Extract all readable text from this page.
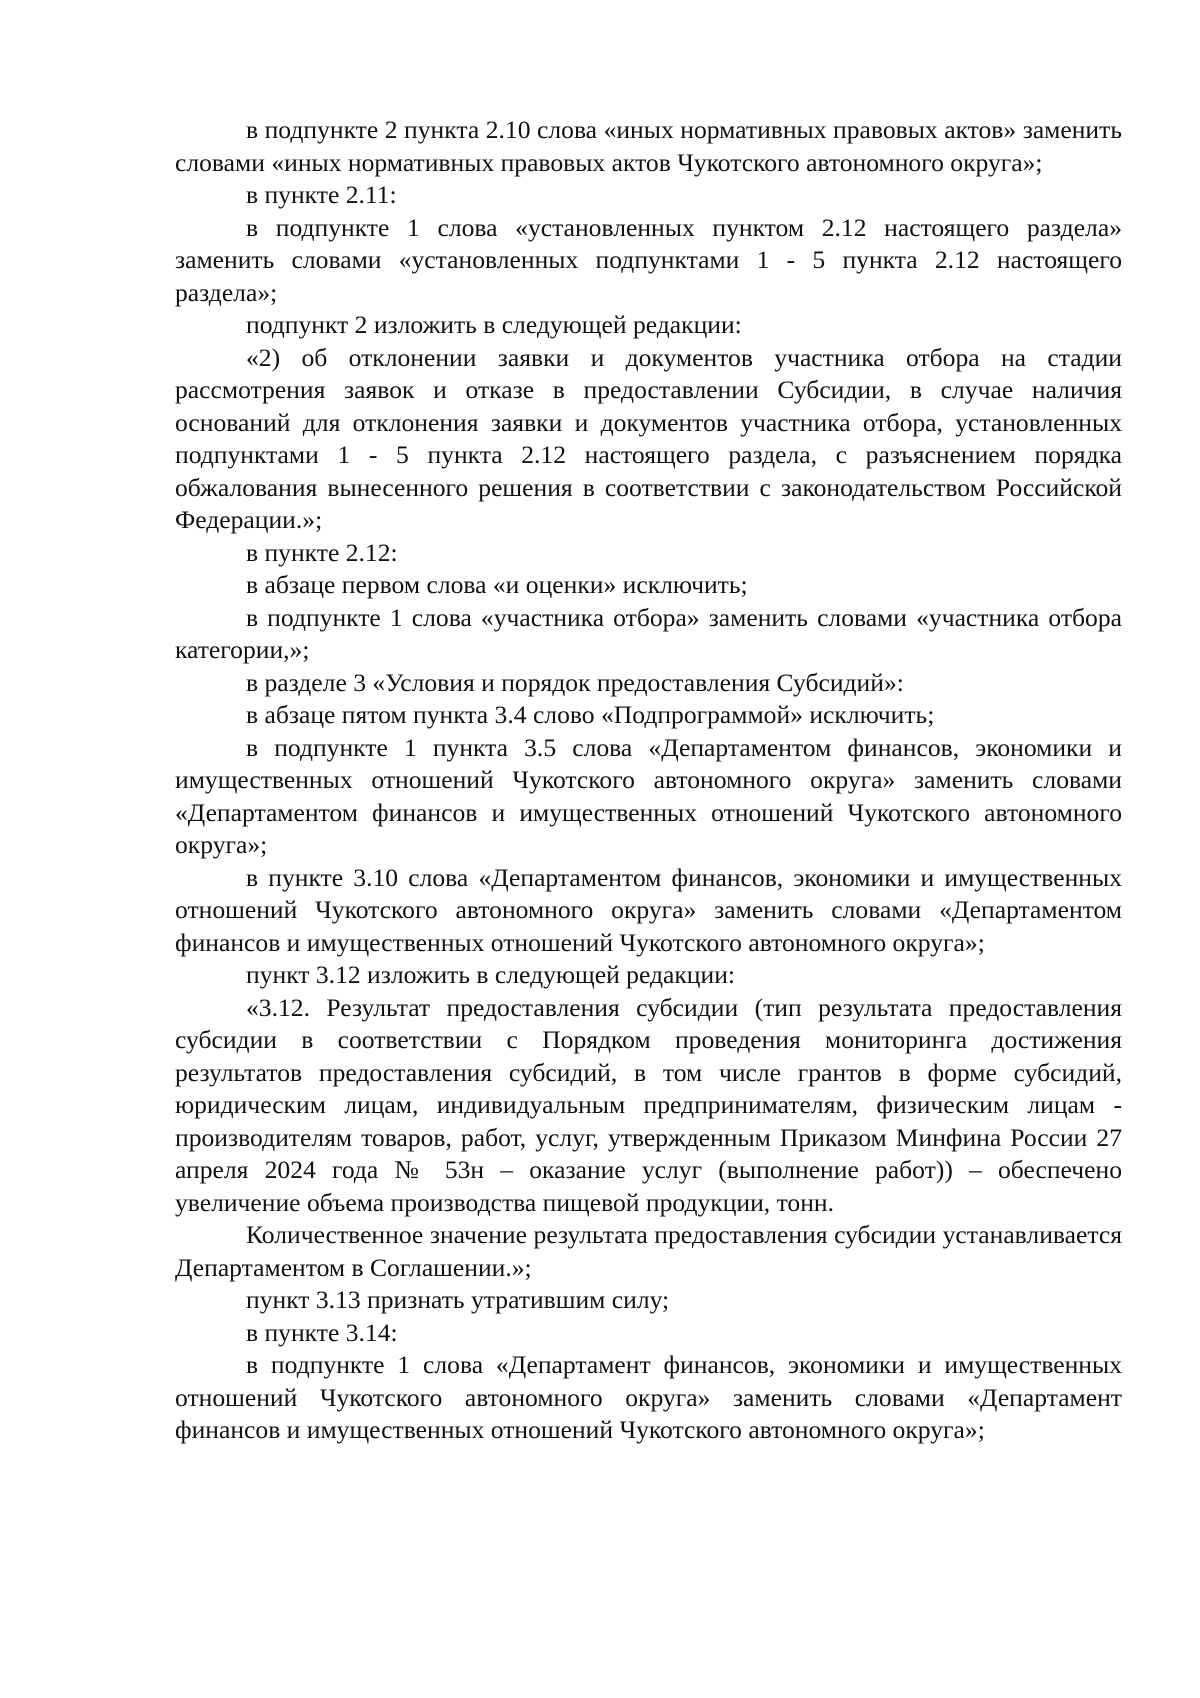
в подпункте 2 пункта 2.10 слова «иных нормативных правовых актов» заменить словами «иных нормативных правовых актов Чукотского автономного округа»;

в пункте 2.11:

в подпункте 1 слова «установленных пунктом 2.12 настоящего раздела» заменить словами «установленных подпунктами 1 - 5 пункта 2.12 настоящего раздела»;

подпункт 2 изложить в следующей редакции:

«2) об отклонении заявки и документов участника отбора на стадии рассмотрения заявок и отказе в предоставлении Субсидии, в случае наличия оснований для отклонения заявки и документов участника отбора, установленных подпунктами 1 - 5 пункта 2.12 настоящего раздела, с разъяснением порядка обжалования вынесенного решения в соответствии с законодательством Российской Федерации.»;

в пункте 2.12:

в абзаце первом слова «и оценки» исключить;

в подпункте 1 слова «участника отбора» заменить словами «участника отбора категории,»;

в разделе 3 «Условия и порядок предоставления Субсидий»:

в абзаце пятом пункта 3.4 слово «Подпрограммой» исключить;

в подпункте 1 пункта 3.5 слова «Департаментом финансов, экономики и имущественных отношений Чукотского автономного округа» заменить словами «Департаментом финансов и имущественных отношений Чукотского автономного округа»;

в пункте 3.10 слова «Департаментом финансов, экономики и имущественных отношений Чукотского автономного округа» заменить словами «Департаментом финансов и имущественных отношений Чукотского автономного округа»;

пункт 3.12 изложить в следующей редакции:

«3.12. Результат предоставления субсидии (тип результата предоставления субсидии в соответствии с Порядком проведения мониторинга достижения результатов предоставления субсидий, в том числе грантов в форме субсидий, юридическим лицам, индивидуальным предпринимателям, физическим лицам - производителям товаров, работ, услуг, утвержденным Приказом Минфина России 27 апреля 2024 года № 53н – оказание услуг (выполнение работ)) – обеспечено увеличение объема производства пищевой продукции, тонн.

Количественное значение результата предоставления субсидии устанавливается Департаментом в Соглашении.»;

пункт 3.13 признать утратившим силу;

в пункте 3.14:

в подпункте 1 слова «Департамент финансов, экономики и имущественных отношений Чукотского автономного округа» заменить словами «Департамент финансов и имущественных отношений Чукотского автономного округа»;
